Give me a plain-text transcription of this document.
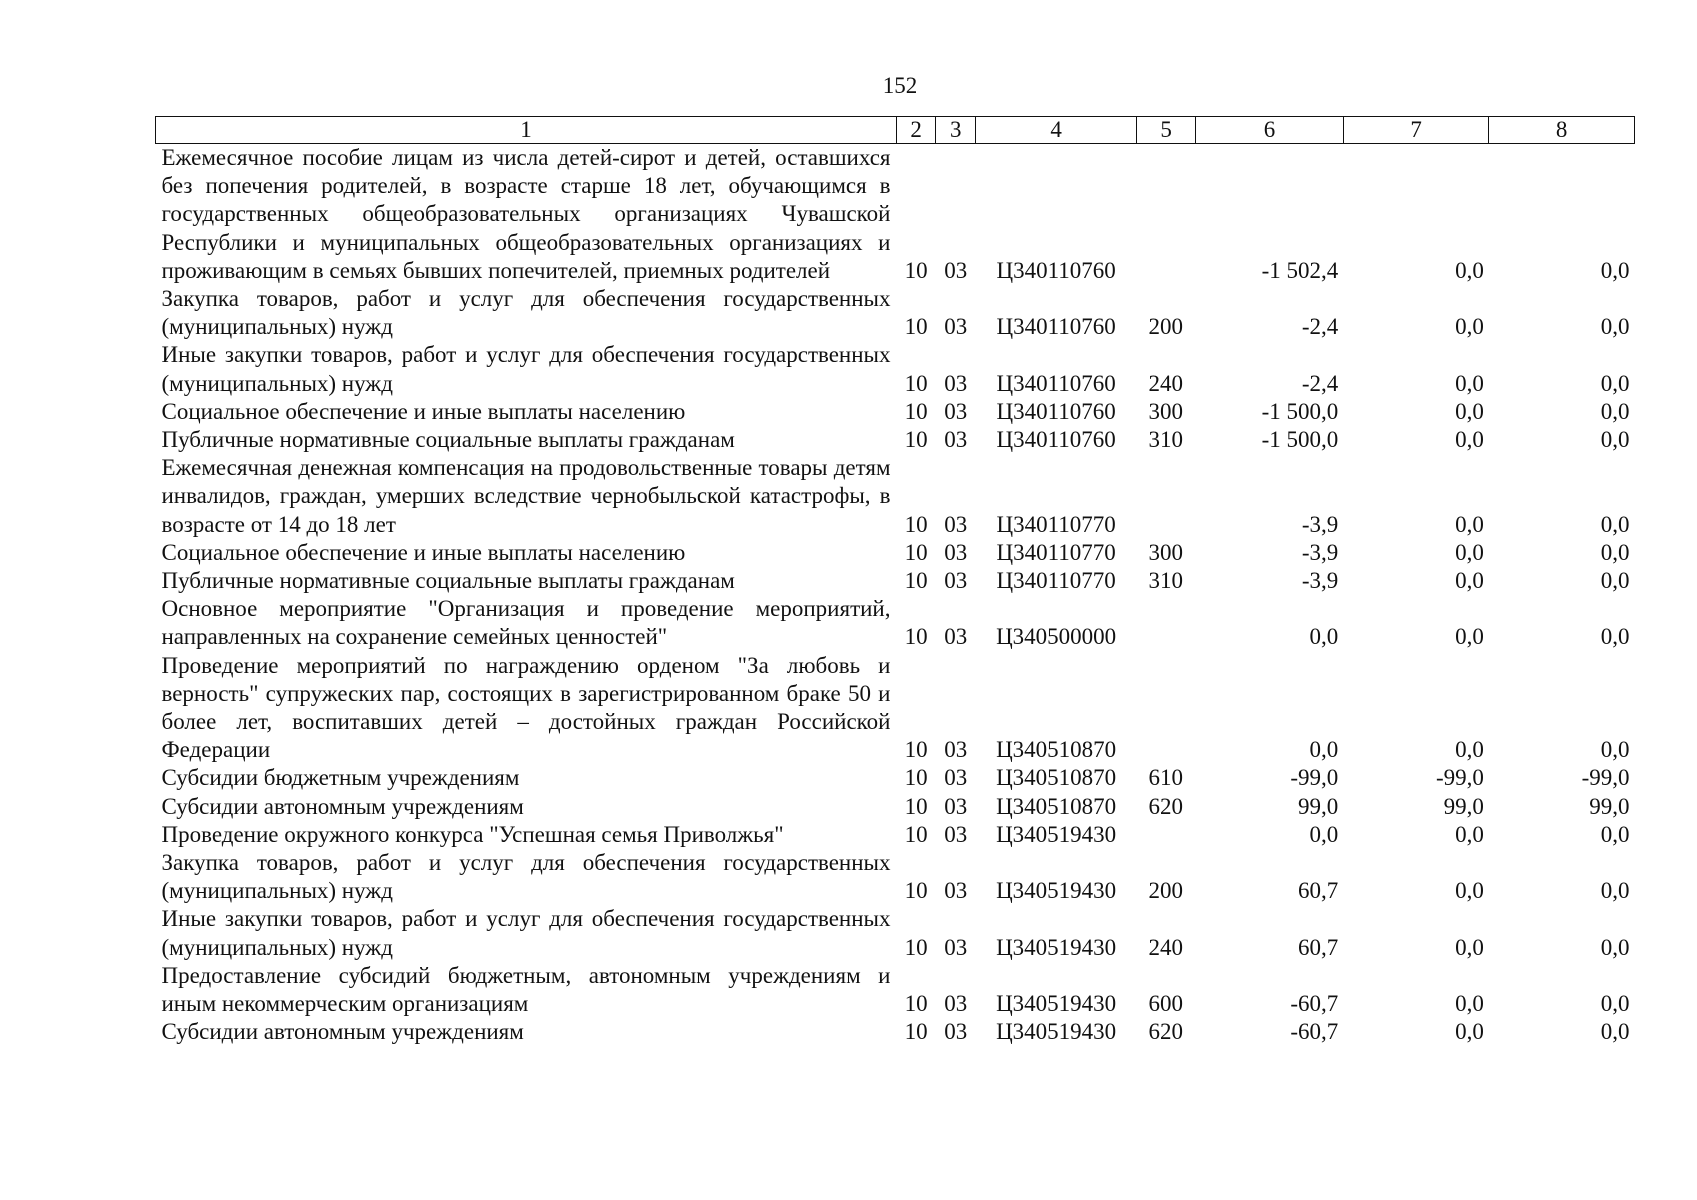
152
1	2	3	4	5	6	7	8
Ежемесячное пособие лицам из числа детей-сирот и детей, оставшихся без попечения родителей, в возрасте старше 18 лет, обучающимся в государственных общеобразовательных организациях Чувашской Республики и муниципальных общеобразовательных организациях и проживающим в семьях бывших попечителей, приемных родителей	10	03	Ц340110760		-1 502,4	0,0	0,0
Закупка товаров, работ и услуг для обеспечения государственных (муниципальных) нужд	10	03	Ц340110760	200	-2,4	0,0	0,0
Иные закупки товаров, работ и услуг для обеспечения государственных (муниципальных) нужд	10	03	Ц340110760	240	-2,4	0,0	0,0
Социальное обеспечение и иные выплаты населению	10	03	Ц340110760	300	-1 500,0	0,0	0,0
Публичные нормативные социальные выплаты гражданам	10	03	Ц340110760	310	-1 500,0	0,0	0,0
Ежемесячная денежная компенсация на продовольственные товары детям инвалидов, граждан, умерших вследствие чернобыльской катастрофы, в возрасте от 14 до 18 лет	10	03	Ц340110770		-3,9	0,0	0,0
Социальное обеспечение и иные выплаты населению	10	03	Ц340110770	300	-3,9	0,0	0,0
Публичные нормативные социальные выплаты гражданам	10	03	Ц340110770	310	-3,9	0,0	0,0
Основное мероприятие "Организация и проведение мероприятий, направленных на сохранение семейных ценностей"	10	03	Ц340500000		0,0	0,0	0,0
Проведение мероприятий по награждению орденом "За любовь и верность" супружеских пар, состоящих в зарегистрированном браке 50 и более лет, воспитавших детей – достойных граждан Российской Федерации	10	03	Ц340510870		0,0	0,0	0,0
Субсидии бюджетным учреждениям	10	03	Ц340510870	610	-99,0	-99,0	-99,0
Субсидии автономным учреждениям	10	03	Ц340510870	620	99,0	99,0	99,0
Проведение окружного конкурса "Успешная семья Приволжья"	10	03	Ц340519430		0,0	0,0	0,0
Закупка товаров, работ и услуг для обеспечения государственных (муниципальных) нужд	10	03	Ц340519430	200	60,7	0,0	0,0
Иные закупки товаров, работ и услуг для обеспечения государственных (муниципальных) нужд	10	03	Ц340519430	240	60,7	0,0	0,0
Предоставление субсидий бюджетным, автономным учреждениям и иным некоммерческим организациям	10	03	Ц340519430	600	-60,7	0,0	0,0
Субсидии автономным учреждениям	10	03	Ц340519430	620	-60,7	0,0	0,0
